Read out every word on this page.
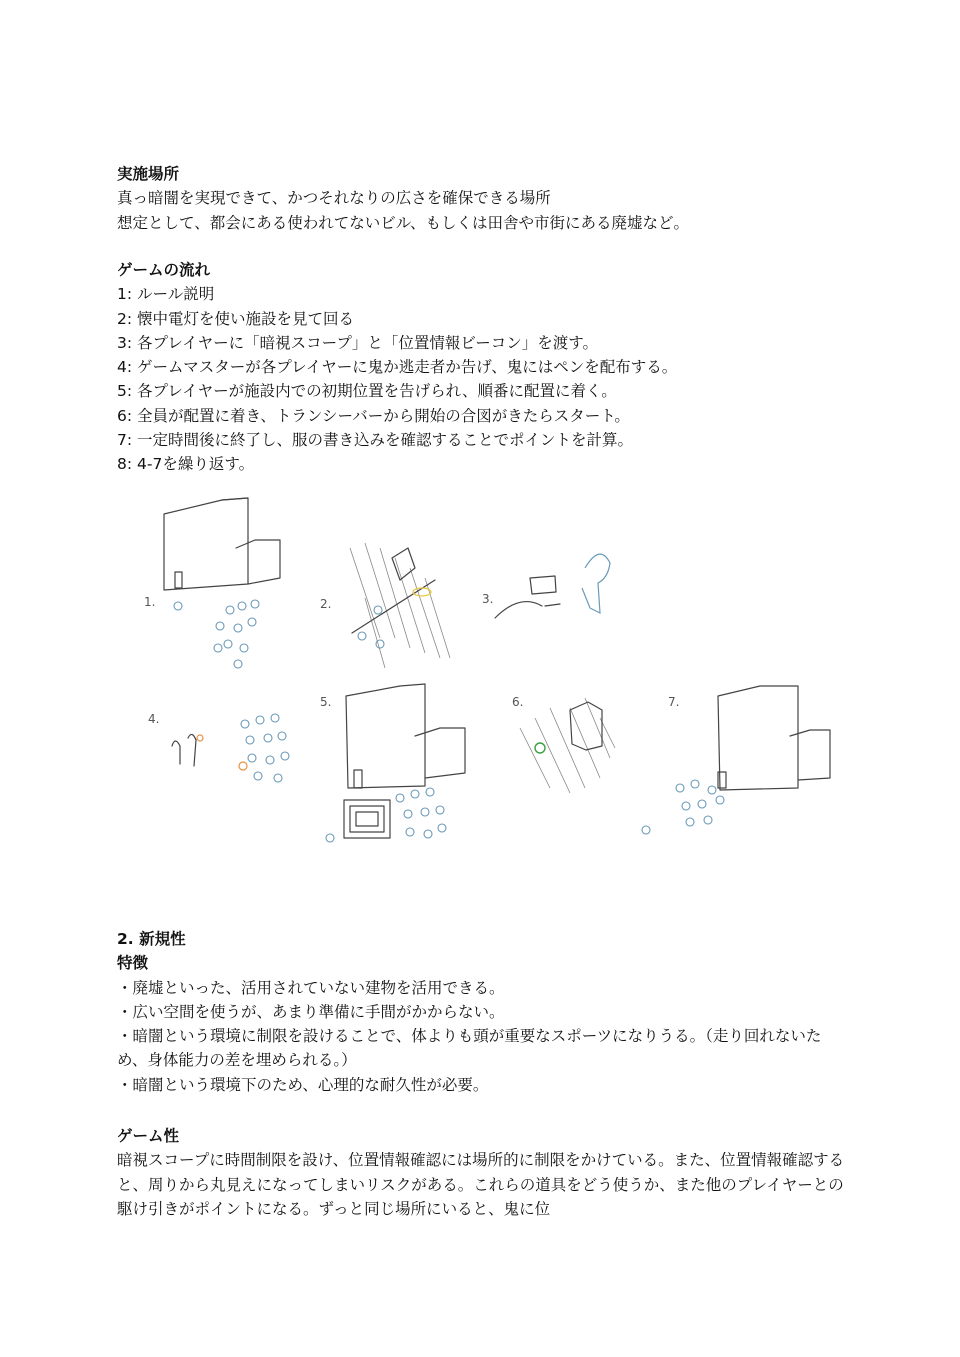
実施場所
真っ暗闇を実現できて、かつそれなりの広さを確保できる場所
想定として、都会にある使われてないビル、もしくは田舎や市街にある廃墟など。
ゲームの流れ
1: ルール説明
2: 懐中電灯を使い施設を見て回る
3: 各プレイヤーに「暗視スコープ」と「位置情報ビーコン」を渡す。
4: ゲームマスターが各プレイヤーに鬼か逃走者か告げ、鬼にはペンを配布する。
5: 各プレイヤーが施設内での初期位置を告げられ、順番に配置に着く。
6: 全員が配置に着き、トランシーバーから開始の合図がきたらスタート。
7: 一定時間後に終了し、服の書き込みを確認することでポイントを計算。
8: 4-7を繰り返す。
1.	2.	3.
4.
5.	6.	7.
2. 新規性
特徴
・廃墟といった、活用されていない建物を活用できる。
・広い空間を使うが、あまり準備に手間がかからない。
・暗闇という環境に制限を設けることで、体よりも頭が重要なスポーツになりうる。（走り回れないため、身体能力の差を埋められる。）
・暗闇という環境下のため、心理的な耐久性が必要。
ゲーム性
暗視スコープに時間制限を設け、位置情報確認には場所的に制限をかけている。また、位置情報確認すると、周りから丸見えになってしまいリスクがある。これらの道具をどう使うか、また他のプレイヤーとの駆け引きがポイントになる。ずっと同じ場所にいると、鬼に位
